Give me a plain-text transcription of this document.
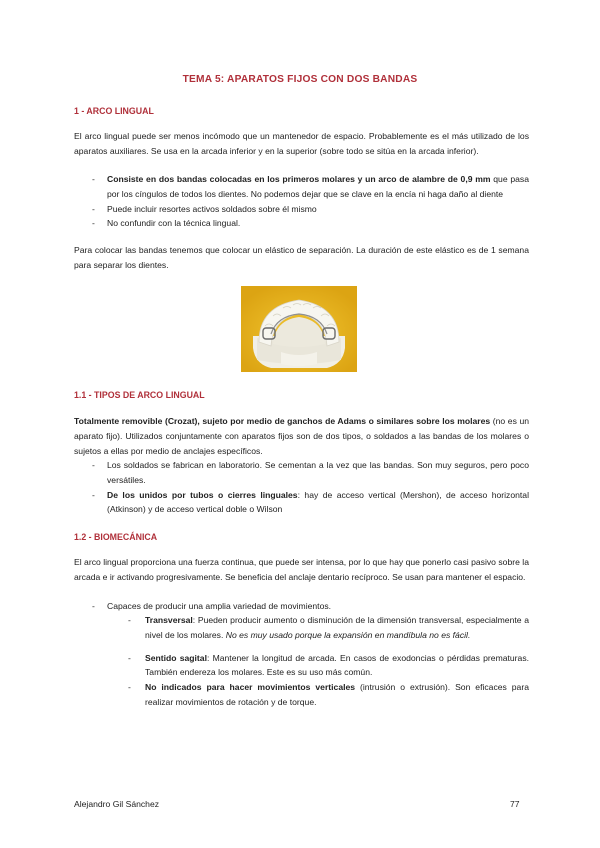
TEMA 5: APARATOS FIJOS CON DOS BANDAS
1 - ARCO LINGUAL
El arco lingual puede ser menos incómodo que un mantenedor de espacio. Probablemente es el más utilizado de los aparatos auxiliares. Se usa en la arcada inferior y en la superior (sobre todo se sitúa en la arcada inferior).
-	Consiste en dos bandas colocadas en los primeros molares y un arco de alambre de 0,9 mm que pasa por los cíngulos de todos los dientes. No podemos dejar que se clave en la encía ni haga daño al diente
-	Puede incluir resortes activos soldados sobre él mismo
-	No confundir con la técnica lingual.
Para colocar las bandas tenemos que colocar un elástico de separación. La duración de este elástico es de 1 semana para separar los dientes.
1.1 - TIPOS DE ARCO LINGUAL
Totalmente removible (Crozat), sujeto por medio de ganchos de Adams o similares sobre los molares (no es un aparato fijo). Utilizados conjuntamente con aparatos fijos son de dos tipos, o soldados a las bandas de los molares o sujetos a ellas por medio de anclajes específicos.
-	Los soldados se fabrican en laboratorio. Se cementan a la vez que las bandas. Son muy seguros, pero poco versátiles.
-	De los unidos por tubos o cierres linguales: hay de acceso vertical (Mershon), de acceso horizontal (Atkinson) y de acceso vertical doble o Wilson
1.2 - BIOMECÁNICA
El arco lingual proporciona una fuerza continua, que puede ser intensa, por lo que hay que ponerlo casi pasivo sobre la arcada e ir activando progresivamente. Se beneficia del anclaje dentario recíproco. Se usan para mantener el espacio.
-	Capaces de producir una amplia variedad de movimientos.
-	Transversal: Pueden producir aumento o disminución de la dimensión transversal, especialmente a nivel de los molares. No es muy usado porque la expansión en mandíbula no es fácil.
-	Sentido sagital: Mantener la longitud de arcada. En casos de exodoncias o pérdidas prematuras. También endereza los molares. Este es su uso más común.
-	No indicados para hacer movimientos verticales (intrusión o extrusión). Son eficaces para realizar movimientos de rotación y de torque.
Alejandro Gil Sánchez	77
